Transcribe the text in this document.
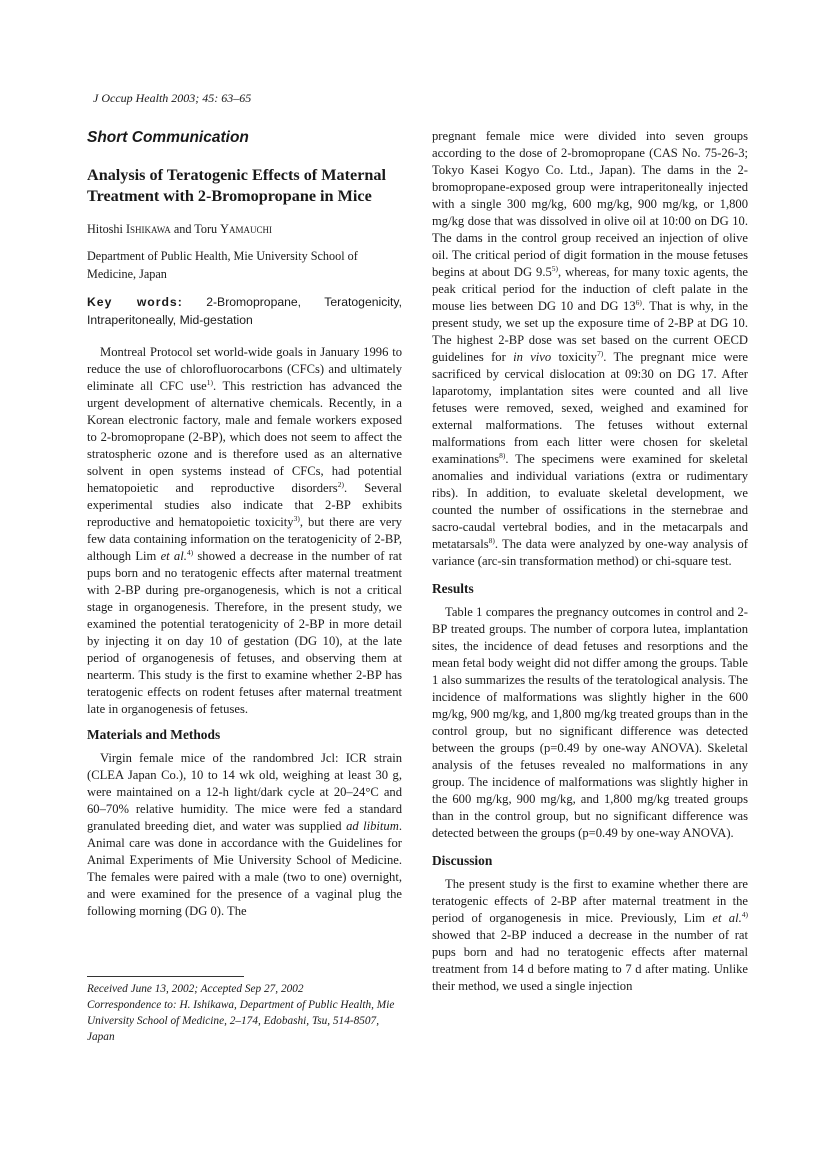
J Occup Health 2003; 45: 63–65
Short Communication
Analysis of Teratogenic Effects of Maternal Treatment with 2-Bromopropane in Mice
Hitoshi Ishikawa and Toru Yamauchi
Department of Public Health, Mie University School of Medicine, Japan
Key words: 2-Bromopropane, Teratogenicity, Intraperitoneally, Mid-gestation

Montreal Protocol set world-wide goals in January 1996 to reduce the use of chlorofluorocarbons (CFCs) and ultimately eliminate all CFC use$^{1)}$. This restriction has advanced the urgent development of alternative chemicals. Recently, in a Korean electronic factory, male and female workers exposed to 2-bromopropane (2-BP), which does not seem to affect the stratospheric ozone and is therefore used as an alternative solvent in open systems instead of CFCs, had potential hematopoietic and reproductive disorders$^{2)}$. Several experimental studies also indicate that 2-BP exhibits reproductive and hematopoietic toxicity$^{3)}$, but there are very few data containing information on the teratogenicity of 2-BP, although Lim et al.$^{4)}$ showed a decrease in the number of rat pups born and no teratogenic effects after maternal treatment with 2-BP during pre-organogenesis, which is not a critical stage in organogenesis. Therefore, in the present study, we examined the potential teratogenicity of 2-BP in more detail by injecting it on day 10 of gestation (DG 10), at the late period of organogenesis of fetuses, and observing them at nearterm. This study is the first to examine whether 2-BP has teratogenic effects on rodent fetuses after maternal treatment late in organogenesis of fetuses.

Materials and Methods

Virgin female mice of the randombred Jcl: ICR strain (CLEA Japan Co.), 10 to 14 wk old, weighing at least 30 g, were maintained on a 12-h light/dark cycle at 20–24°C and 60–70% relative humidity. The mice were fed a standard granulated breeding diet, and water was supplied ad libitum. Animal care was done in accordance with the Guidelines for Animal Experiments of Mie University School of Medicine. The females were paired with a male (two to one) overnight, and were examined for the presence of a vaginal plug the following morning (DG 0). The

Received June 13, 2002; Accepted Sep 27, 2002
Correspondence to: H. Ishikawa, Department of Public Health, Mie University School of Medicine, 2–174, Edobashi, Tsu, 514-8507, Japan

pregnant female mice were divided into seven groups according to the dose of 2-bromopropane (CAS No. 75-26-3; Tokyo Kasei Kogyo Co. Ltd., Japan). The dams in the 2-bromopropane-exposed group were intraperitoneally injected with a single 300 mg/kg, 600 mg/kg, 900 mg/kg, or 1,800 mg/kg dose that was dissolved in olive oil at 10:00 on DG 10. The dams in the control group received an injection of olive oil. The critical period of digit formation in the mouse fetuses begins at about DG 9.5$^{5)}$, whereas, for many toxic agents, the peak critical period for the induction of cleft palate in the mouse lies between DG 10 and DG 13$^{6)}$. That is why, in the present study, we set up the exposure time of 2-BP at DG 10. The highest 2-BP dose was set based on the current OECD guidelines for in vivo toxicity$^{7)}$. The pregnant mice were sacrificed by cervical dislocation at 09:30 on DG 17. After laparotomy, implantation sites were counted and all live fetuses were removed, sexed, weighed and examined for external malformations. The fetuses without external malformations from each litter were chosen for skeletal examinations$^{8)}$. The specimens were examined for skeletal anomalies and individual variations (extra or rudimentary ribs). In addition, to evaluate skeletal development, we counted the number of ossifications in the sternebrae and sacro-caudal vertebral bodies, and in the metacarpals and metatarsals$^{8)}$. The data were analyzed by one-way analysis of variance (arc-sin transformation method) or chi-square test.

Results

Table 1 compares the pregnancy outcomes in control and 2-BP treated groups. The number of corpora lutea, implantation sites, the incidence of dead fetuses and resorptions and the mean fetal body weight did not differ among the groups. Table 1 also summarizes the results of the teratological analysis. The incidence of malformations was slightly higher in the 600 mg/kg, 900 mg/kg, and 1,800 mg/kg treated groups than in the control group, but no significant difference was detected between the groups (p=0.49 by one-way ANOVA). Skeletal analysis of the fetuses revealed no malformations in any group. The incidence of malformations was slightly higher in the 600 mg/kg, 900 mg/kg, and 1,800 mg/kg treated groups than in the control group, but no significant difference was detected between the groups (p=0.49 by one-way ANOVA).

Discussion

The present study is the first to examine whether there are teratogenic effects of 2-BP after maternal treatment in the period of organogenesis in mice. Previously, Lim et al.$^{4)}$ showed that 2-BP induced a decrease in the number of rat pups born and had no teratogenic effects after maternal treatment from 14 d before mating to 7 d after mating. Unlike their method, we used a single injection
